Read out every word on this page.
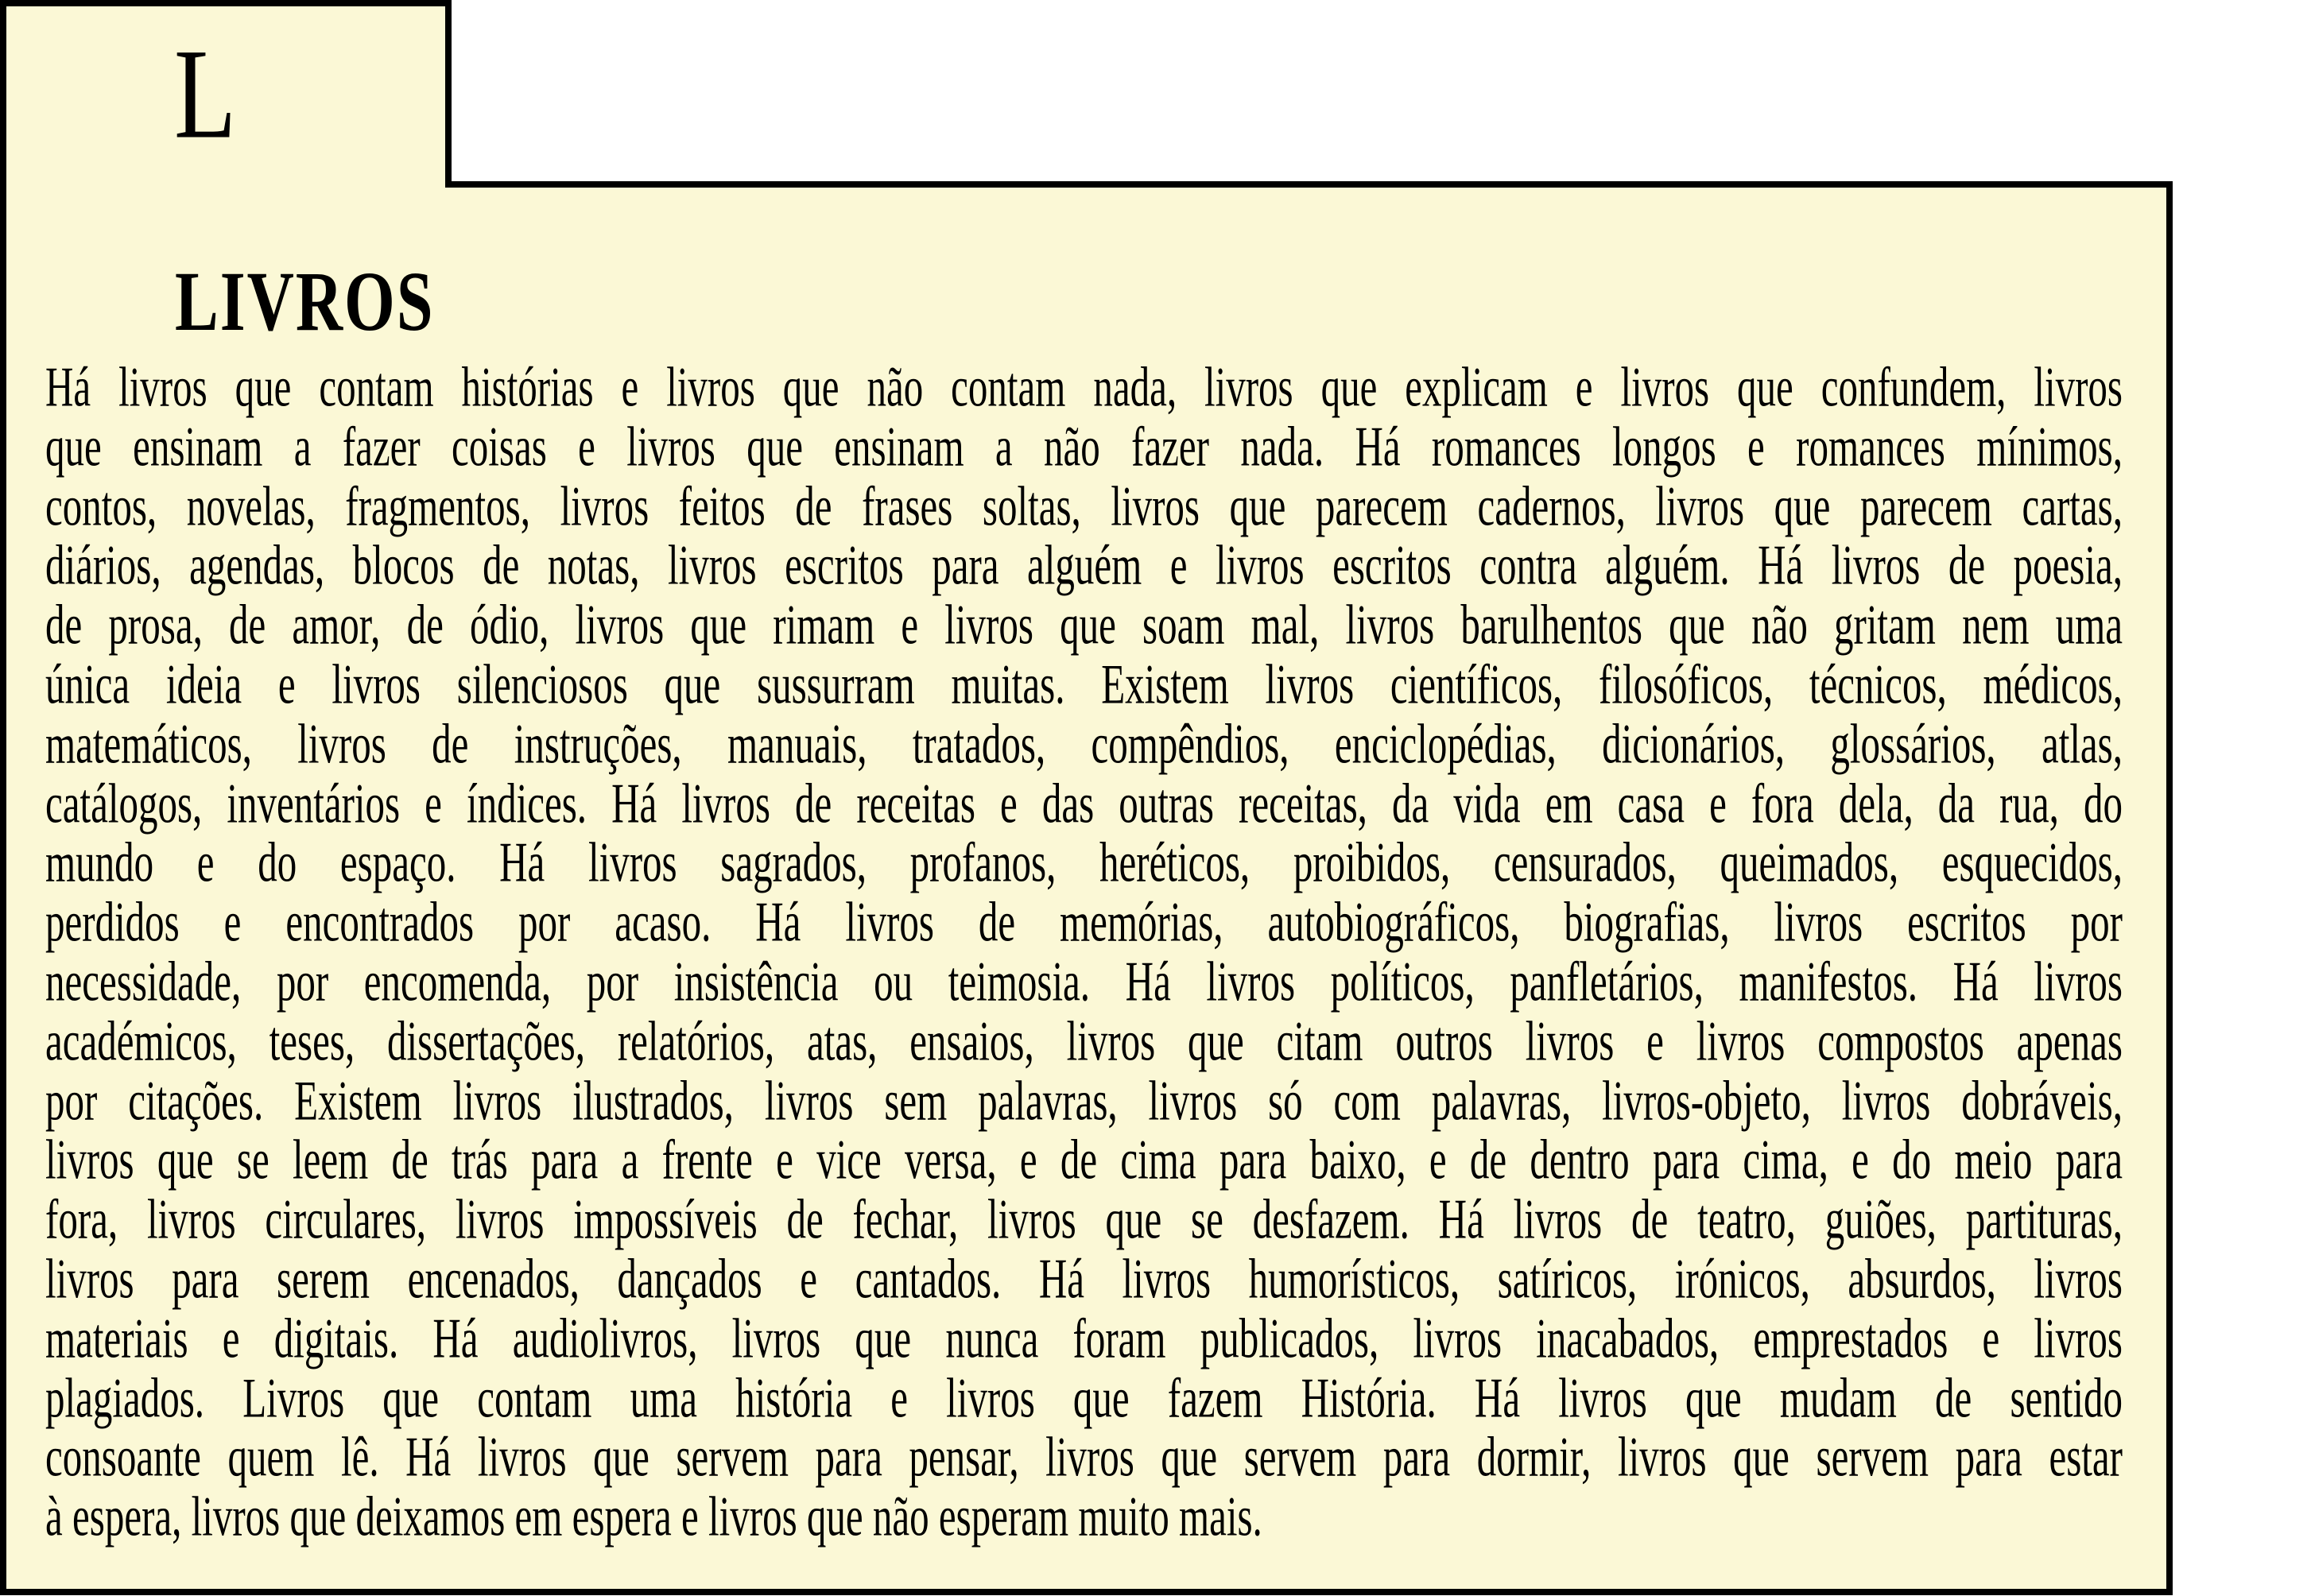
L
LIVROS
Há livros que contam histórias e livros que não contam nada, livros que explicam e livros que confundem, livros
que ensinam a fazer coisas e livros que ensinam a não fazer nada. Há romances longos e romances mínimos,
contos, novelas, fragmentos, livros feitos de frases soltas, livros que parecem cadernos, livros que parecem cartas,
diários, agendas, blocos de notas, livros escritos para alguém e livros escritos contra alguém. Há livros de poesia,
de prosa, de amor, de ódio, livros que rimam e livros que soam mal, livros barulhentos que não gritam nem uma
única ideia e livros silenciosos que sussurram muitas. Existem livros científicos, filosóficos, técnicos, médicos,
matemáticos, livros de instruções, manuais, tratados, compêndios, enciclopédias, dicionários, glossários, atlas,
catálogos, inventários e índices. Há livros de receitas e das outras receitas, da vida em casa e fora dela, da rua, do
mundo e do espaço. Há livros sagrados, profanos, heréticos, proibidos, censurados, queimados, esquecidos,
perdidos e encontrados por acaso. Há livros de memórias, autobiográficos, biografias, livros escritos por
necessidade, por encomenda, por insistência ou teimosia. Há livros políticos, panfletários, manifestos. Há livros
académicos, teses, dissertações, relatórios, atas, ensaios, livros que citam outros livros e livros compostos apenas
por citações. Existem livros ilustrados, livros sem palavras, livros só com palavras, livros-objeto, livros dobráveis,
livros que se leem de trás para a frente e vice versa, e de cima para baixo, e de dentro para cima, e do meio para
fora, livros circulares, livros impossíveis de fechar, livros que se desfazem. Há livros de teatro, guiões, partituras,
livros para serem encenados, dançados e cantados. Há livros humorísticos, satíricos, irónicos, absurdos, livros
materiais e digitais. Há audiolivros, livros que nunca foram publicados, livros inacabados, emprestados e livros
plagiados. Livros que contam uma história e livros que fazem História. Há livros que mudam de sentido
consoante quem lê. Há livros que servem para pensar, livros que servem para dormir, livros que servem para estar
à espera, livros que deixamos em espera e livros que não esperam muito mais.
